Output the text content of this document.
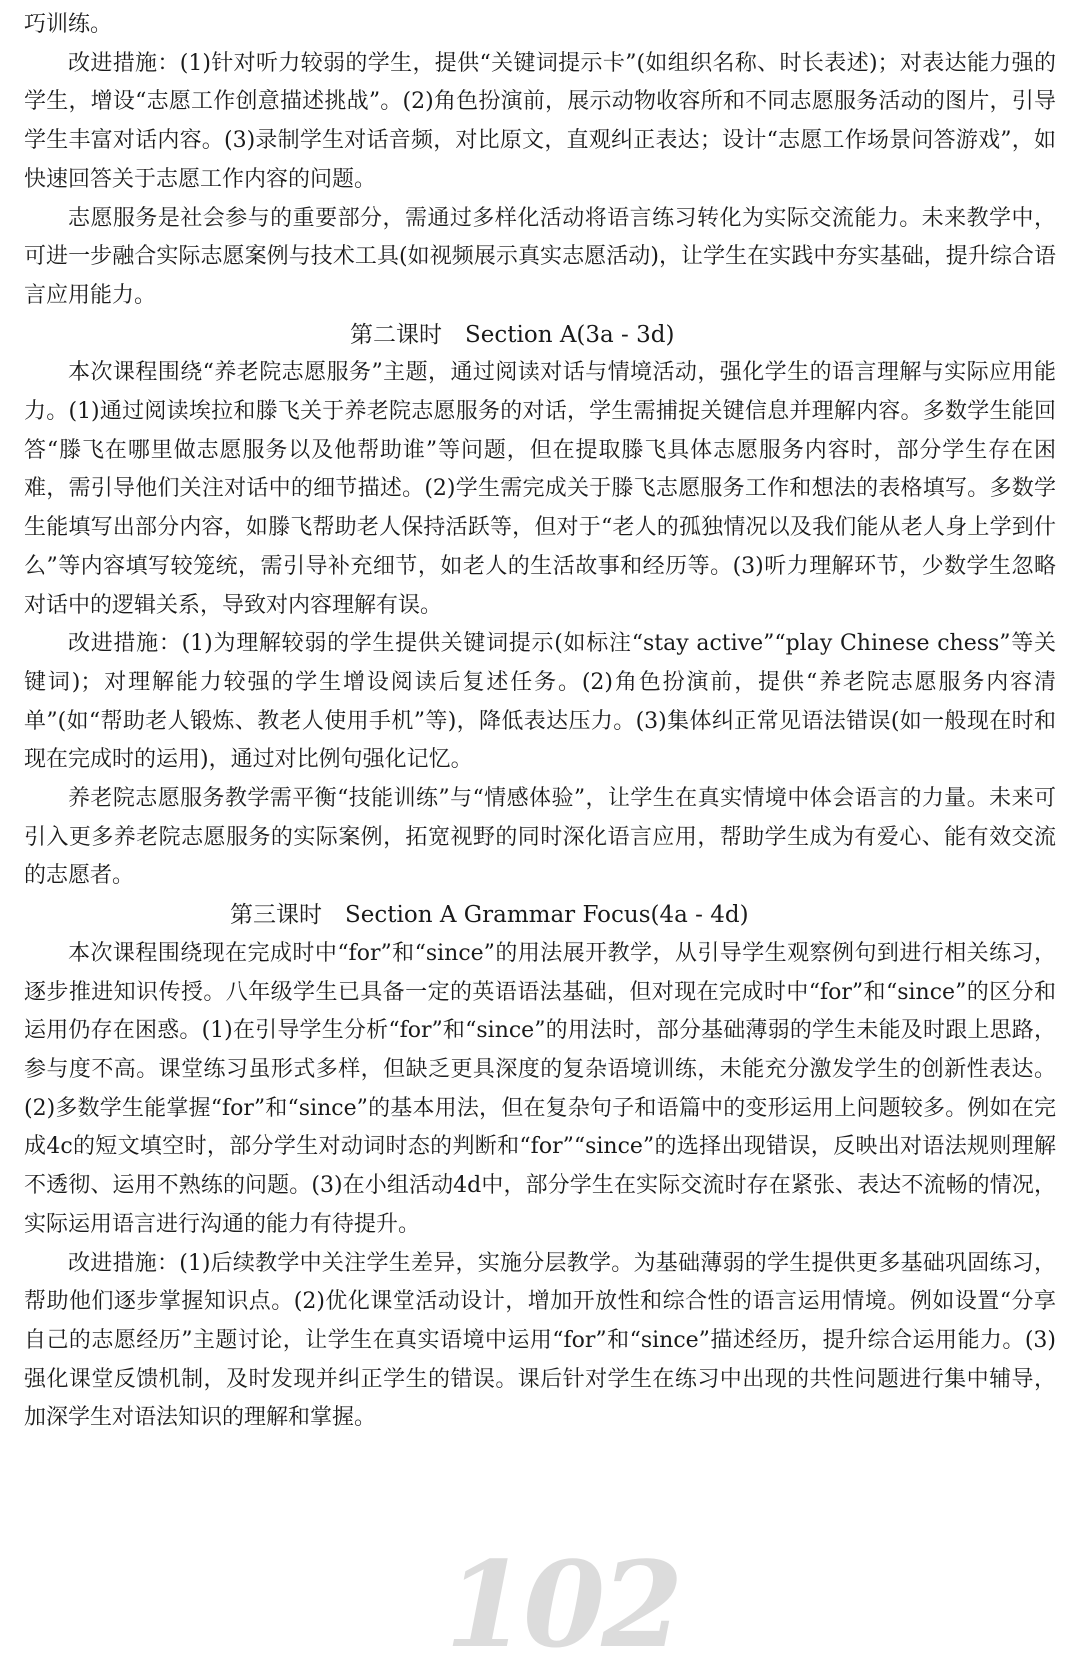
102

巧训练。

改进措施：(1)针对听力较弱的学生，提供“关键词提示卡”(如组织名称、时长表述)；对表达能力强的学生，增设“志愿工作创意描述挑战”。(2)角色扮演前，展示动物收容所和不同志愿服务活动的图片，引导学生丰富对话内容。(3)录制学生对话音频，对比原文，直观纠正表达；设计“志愿工作场景问答游戏”，如快速回答关于志愿工作内容的问题。

志愿服务是社会参与的重要部分，需通过多样化活动将语言练习转化为实际交流能力。未来教学中，可进一步融合实际志愿案例与技术工具(如视频展示真实志愿活动)，让学生在实践中夯实基础，提升综合语言应用能力。

第二课时　Section A(3a - 3d)

本次课程围绕“养老院志愿服务”主题，通过阅读对话与情境活动，强化学生的语言理解与实际应用能力。(1)通过阅读埃拉和滕飞关于养老院志愿服务的对话，学生需捕捉关键信息并理解内容。多数学生能回答“滕飞在哪里做志愿服务以及他帮助谁”等问题，但在提取滕飞具体志愿服务内容时，部分学生存在困难，需引导他们关注对话中的细节描述。(2)学生需完成关于滕飞志愿服务工作和想法的表格填写。多数学生能填写出部分内容，如滕飞帮助老人保持活跃等，但对于“老人的孤独情况以及我们能从老人身上学到什么”等内容填写较笼统，需引导补充细节，如老人的生活故事和经历等。(3)听力理解环节，少数学生忽略对话中的逻辑关系，导致对内容理解有误。

改进措施：(1)为理解较弱的学生提供关键词提示(如标注“stay active”“play Chinese chess”等关键词)；对理解能力较强的学生增设阅读后复述任务。(2)角色扮演前，提供“养老院志愿服务内容清单”(如“帮助老人锻炼、教老人使用手机”等)，降低表达压力。(3)集体纠正常见语法错误(如一般现在时和现在完成时的运用)，通过对比例句强化记忆。

养老院志愿服务教学需平衡“技能训练”与“情感体验”，让学生在真实情境中体会语言的力量。未来可引入更多养老院志愿服务的实际案例，拓宽视野的同时深化语言应用，帮助学生成为有爱心、能有效交流的志愿者。

第三课时　Section A Grammar Focus(4a - 4d)

本次课程围绕现在完成时中“for”和“since”的用法展开教学，从引导学生观察例句到进行相关练习，逐步推进知识传授。八年级学生已具备一定的英语语法基础，但对现在完成时中“for”和“since”的区分和运用仍存在困惑。(1)在引导学生分析“for”和“since”的用法时，部分基础薄弱的学生未能及时跟上思路，参与度不高。课堂练习虽形式多样，但缺乏更具深度的复杂语境训练，未能充分激发学生的创新性表达。(2)多数学生能掌握“for”和“since”的基本用法，但在复杂句子和语篇中的变形运用上问题较多。例如在完成4c的短文填空时，部分学生对动词时态的判断和“for”“since”的选择出现错误，反映出对语法规则理解不透彻、运用不熟练的问题。(3)在小组活动4d中，部分学生在实际交流时存在紧张、表达不流畅的情况，实际运用语言进行沟通的能力有待提升。

改进措施：(1)后续教学中关注学生差异，实施分层教学。为基础薄弱的学生提供更多基础巩固练习，帮助他们逐步掌握知识点。(2)优化课堂活动设计，增加开放性和综合性的语言运用情境。例如设置“分享自己的志愿经历”主题讨论，让学生在真实语境中运用“for”和“since”描述经历，提升综合运用能力。(3)强化课堂反馈机制，及时发现并纠正学生的错误。课后针对学生在练习中出现的共性问题进行集中辅导，加深学生对语法知识的理解和掌握。
